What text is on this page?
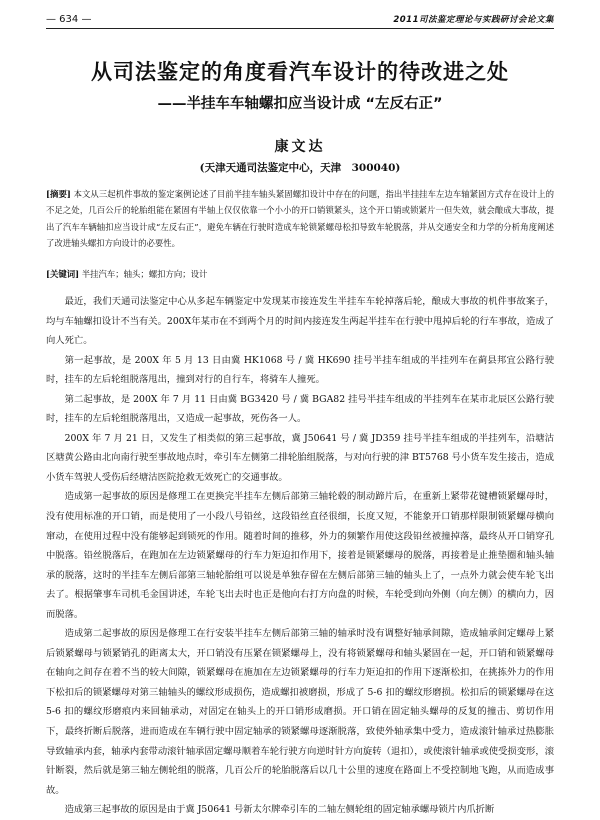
— 634 —	2011司法鉴定理论与实践研讨会论文集
从司法鉴定的角度看汽车设计的待改进之处
——半挂车车轴螺扣应当设计成 “左反右正”
康文达
(天津天通司法鉴定中心，天津　300040)
[摘要] 本文从三起机件事故的鉴定案例论述了目前半挂车轴头紧固螺扣设计中存在的问题，指出半挂挂车左边车轴紧固方式存在设计上的不足之处，几百公斤的轮胎组能在紧固有半轴上仅仅依靠一个小小的开口销锁紧头，这个开口销或锁紧片一但失效，就会酿成大事故，提出了汽车车辆轴扣应当设计成“左反右正”，避免车辆在行驶时造成车轮锁紧螺母松扣导致车轮脱落，并从交通安全和力学的分析角度阐述了改进轴头螺扣方向设计的必要性。
[关键词] 半挂汽车；轴头；螺扣方向；设计

最近，我们天通司法鉴定中心从多起车辆鉴定中发现某市接连发生半挂车车轮掉落后轮，酿成大事故的机件事故案子，均与车轴螺扣设计不当有关。200X年某市在不到两个月的时间内接连发生两起半挂车在行驶中甩掉后轮的行车事故，造成了向人死亡。

第一起事故，是 200X 年 5 月 13 日由冀 HK1068 号 / 冀 HK690 挂号半挂车组成的半挂列车在蓟县邦宜公路行驶时，挂车的左后轮组脱落甩出，撞到对行的自行车，将骑车人撞死。

第二起事故，是 200X 年 7 月 11 日由冀 BG3420 号 / 冀 BGA82 挂号半挂车组成的半挂列车在某市北辰区公路行驶时，挂车的左后轮组脱落甩出，又造成一起事故，死伤各一人。

200X 年 7 月 21 日，又发生了相类似的第三起事故，冀 J50641 号 / 冀 JD359 挂号半挂车组成的半挂列车，沿塘沽区塘黄公路由北向南行驶至事故地点时，牵引车左侧第二排轮胎组脱落，与对向行驶的津 BT5768 号小货车发生接击，造成小货车驾驶人受伤后经塘沽医院抢救无效死亡的交通事故。

造成第一起事故的原因是修理工在更换完半挂车左侧后部第三轴轮毂的制动蹄片后，在重新上紧带花键槽锁紧螺母时，没有使用标准的开口销，而是使用了一小段八号铅丝，这段铅丝直径很细，长度又短，不能象开口销那样限制锁紧螺母横向窜动，在使用过程中没有能够起到锁死的作用。随着时间的推移，外力的频繁作用使这段铅丝被撞掉落，最终从开口销穿孔中脱落。铅丝脱落后，在跑加在左边锁紧螺母的行车力矩迫扣作用下，接着是锁紧螺母的脱落，再接着是止推垫圈和轴头轴承的脱落，这时的半挂车左侧后部第三轴轮胎组可以说是单独存留在左侧后部第三轴的轴头上了，一点外力就会使车轮飞出去了。根据肇事车司机毛金国讲述，车轮飞出去时也正是他向右打方向盘的时候，车轮受到向外侧（向左侧）的横向力，因而脱落。

造成第二起事故的原因是修理工在行安装半挂车左侧后部第三轴的轴承时没有调整好轴承间隙，造成轴承间定螺母上紧后锁紧螺母与锁紧销孔的距离太大，开口销没有压紧在锁紧螺母上，没有将锁紧螺母和轴头紧固在一起，开口销和锁紧螺母在轴向之间存在着不当的较大间隙，锁紧螺母在施加在左边锁紧螺母的行车力矩迫扣的作用下逐渐松扣，在挑拣外力的作用下松扣后的锁紧螺母对第三轴轴头的螺纹形成损伤，造成螺扣被磨损，形成了 5-6 扣的螺纹形磨损。松扣后的锁紧螺母在这 5-6 扣的螺纹形磨痕内来回轴承动，对固定在轴头上的开口销形成磨损。开口销在固定轴头螺母的反复的撞击、剪切作用下，最终折断后脱落，进而造成在车辆行驶中固定轴承的锁紧螺母逐渐脱落，致使外轴承集中受力，造成滚针轴承过热膨胀导致轴承内套，轴承内套带动滚针轴承固定螺母顺着车轮行驶方向逆时针方向旋转（退扣），或使滚针轴承或使受损变形，滚针断裂，然后就是第三轴左侧轮组的脱落，几百公斤的轮胎脱落后以几十公里的速度在路面上不受控制地飞跑，从而造成事故。

造成第三起事故的原因是由于冀 J50641 号新太尔牌牵引车的二轴左侧轮组的固定轴承螺母锁片内爪折断
